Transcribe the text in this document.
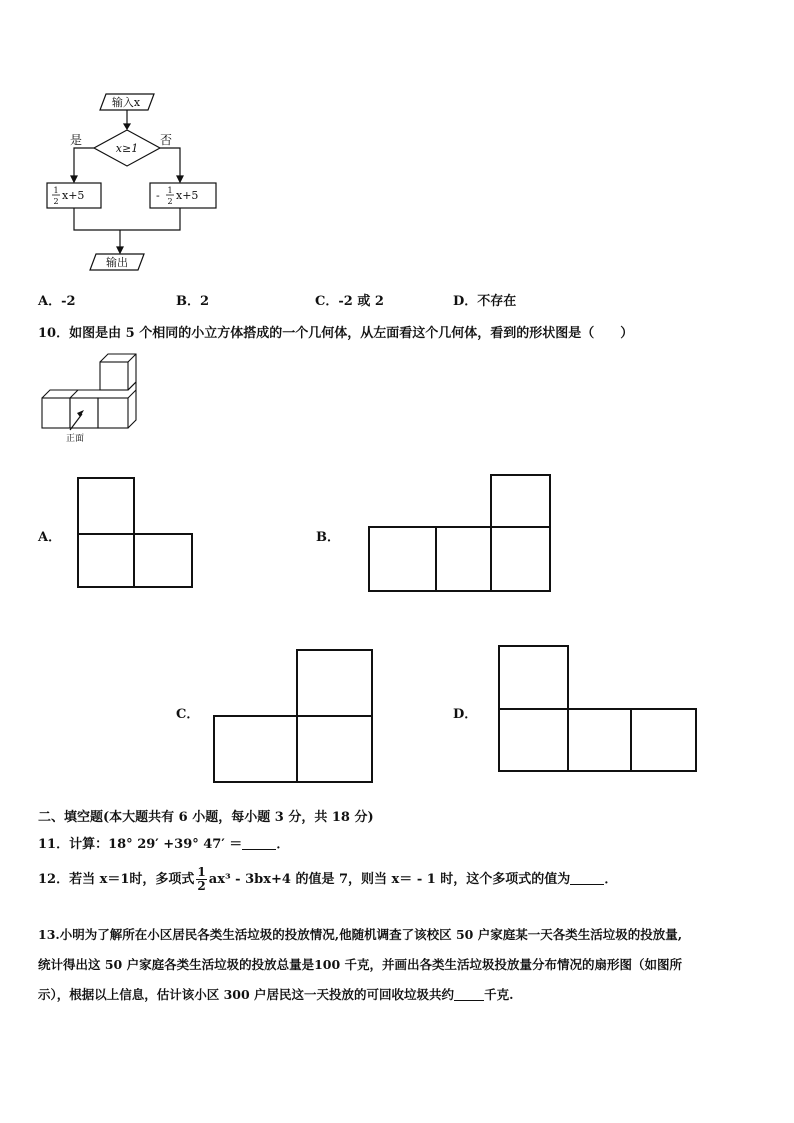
输入x
是	否
x≥1
1
2 x+5	- 1
2 x+5
输出
A．-2	B．2	C．-2 或 2	D．不存在
10．如图是由 5 个相同的小立方体搭成的一个几何体，从左面看这个几何体，看到的形状图是（　　）
正面
A．	B．
C．	D．
二、填空题(本大题共有 6 小题，每小题 3 分，共 18 分)
11．计算：18° 29′ +39° 47′ ＝	．
12．若当 x＝1时，多项式 $\frac{1}{2} ax^3 - 3bx+4$ 的值是 7，则当 x＝ - 1 时，这个多项式的值为	．
13.小明为了解所在小区居民各类生活垃圾的投放情况,他随机调查了该校区 50 户家庭某一天各类生活垃圾的投放量,
统计得出这 50 户家庭各类生活垃圾的投放总量是100 千克，并画出各类生活垃圾投放量分布情况的扇形图（如图所
示），根据以上信息，估计该小区 300 户居民这一天投放的可回收垃圾共约 千克.
